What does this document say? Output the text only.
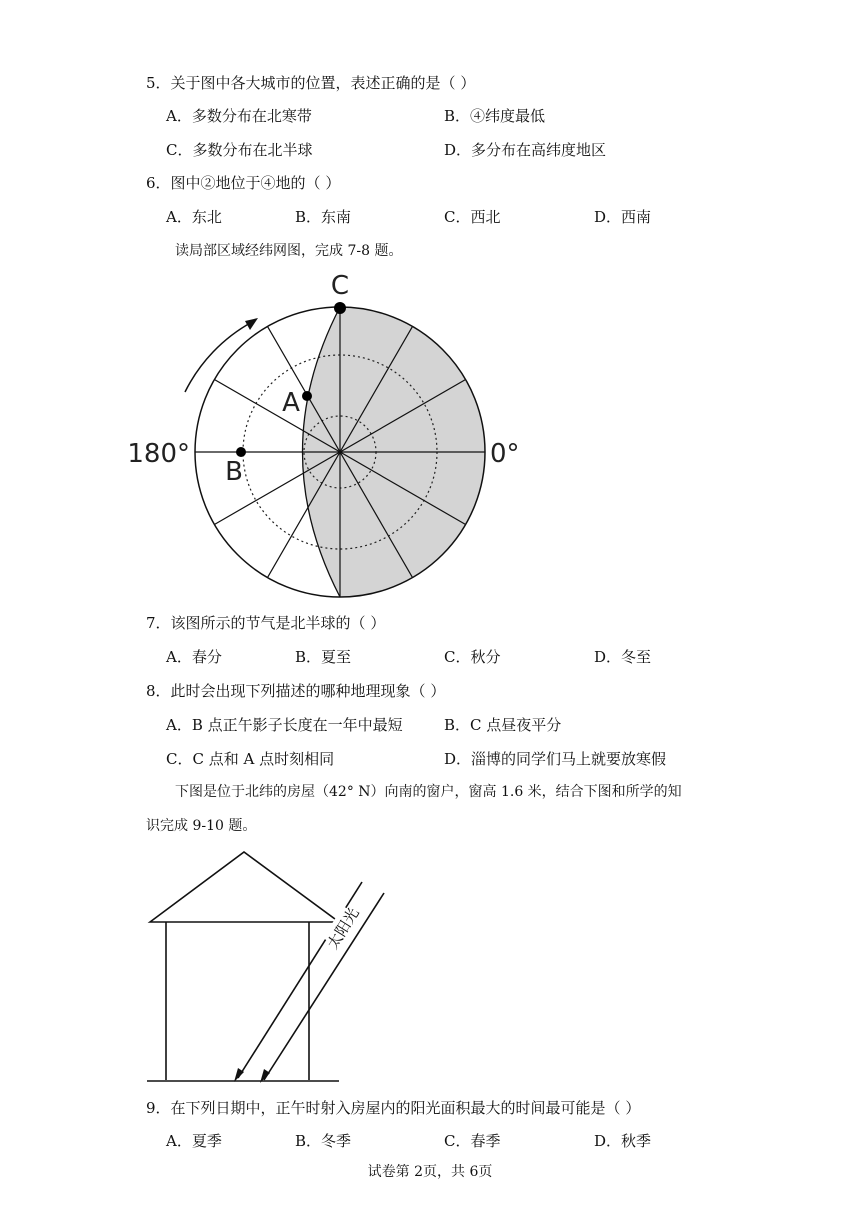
5．关于图中各大城市的位置，表述正确的是（ ）
A．多数分布在北寒带	B．④纬度最低
C．多数分布在北半球	D．多分布在高纬度地区
6．图中②地位于④地的（ ）
A．东北	B．东南	C．西北	D．西南
读局部区域经纬网图，完成 7-8 题。
C
A
B
180°	0°
7．该图所示的节气是北半球的（ ）
A．春分	B．夏至	C．秋分	D．冬至
8．此时会出现下列描述的哪种地理现象（ ）
A．B 点正午影子长度在一年中最短	B．C 点昼夜平分
C．C 点和 A 点时刻相同	D．淄博的同学们马上就要放寒假
下图是位于北纬的房屋（42° N）向南的窗户，窗高 1.6 米，结合下图和所学的知
识完成 9-10 题。
太阳光
9．在下列日期中，正午时射入房屋内的阳光面积最大的时间最可能是（ ）
A．夏季	B．冬季	C．春季	D．秋季
试卷第 2页，共 6页
